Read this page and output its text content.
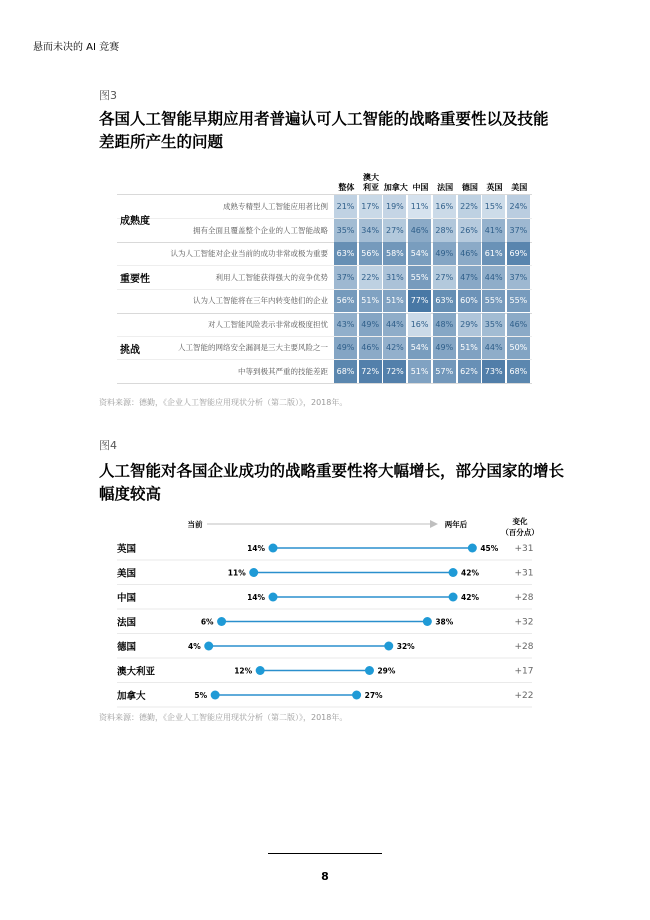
悬而未决的 AI 竞赛
图3
各国人工智能早期应用者普遍认可人工智能的战略重要性以及技能
差距所产生的问题
整体
澳大
利亚 加拿大 中国	法国	德国	英国	美国
成熟专精型人工智能应用者比例	21% 17% 19% 11% 16% 22% 15% 24%
拥有全面且覆盖整个企业的人工智能战略	35% 34% 27% 46% 28% 26% 41% 37%
成熟度
认为人工智能对企业当前的成功非常或极为重要	63% 56% 58% 54% 49% 46% 61% 69%
利用人工智能获得强大的竞争优势	37% 22% 31% 55% 27% 47% 44% 37%
认为人工智能将在三年内转变他们的企业	56% 51% 51% 77% 63% 60% 55% 55%
重要性
对人工智能风险表示非常或极度担忧	43% 49% 44% 16% 48% 29% 35% 46%
人工智能的网络安全漏洞是三大主要风险之一	49% 46% 42% 54% 49% 51% 44% 50%
中等到极其严重的技能差距	68% 72% 72% 51% 57% 62% 73% 68%
挑战
资料来源：德勤，《企业人工智能应用现状分析（第二版）》，2018年。
图4
人工智能对各国企业成功的战略重要性将大幅增长，部分国家的增长
幅度较高
当前	两年后	变化
（百分点）
英国	14%	45% +31
美国	11%	42%	+31
中国	14%	42%	+28
法国	6%	38%	+32
德国	4%	32%	+28
澳大利亚	12%	29%	+17
加拿大	5%	27%	+22
资料来源：德勤，《企业人工智能应用现状分析（第二版）》，2018年。
8
